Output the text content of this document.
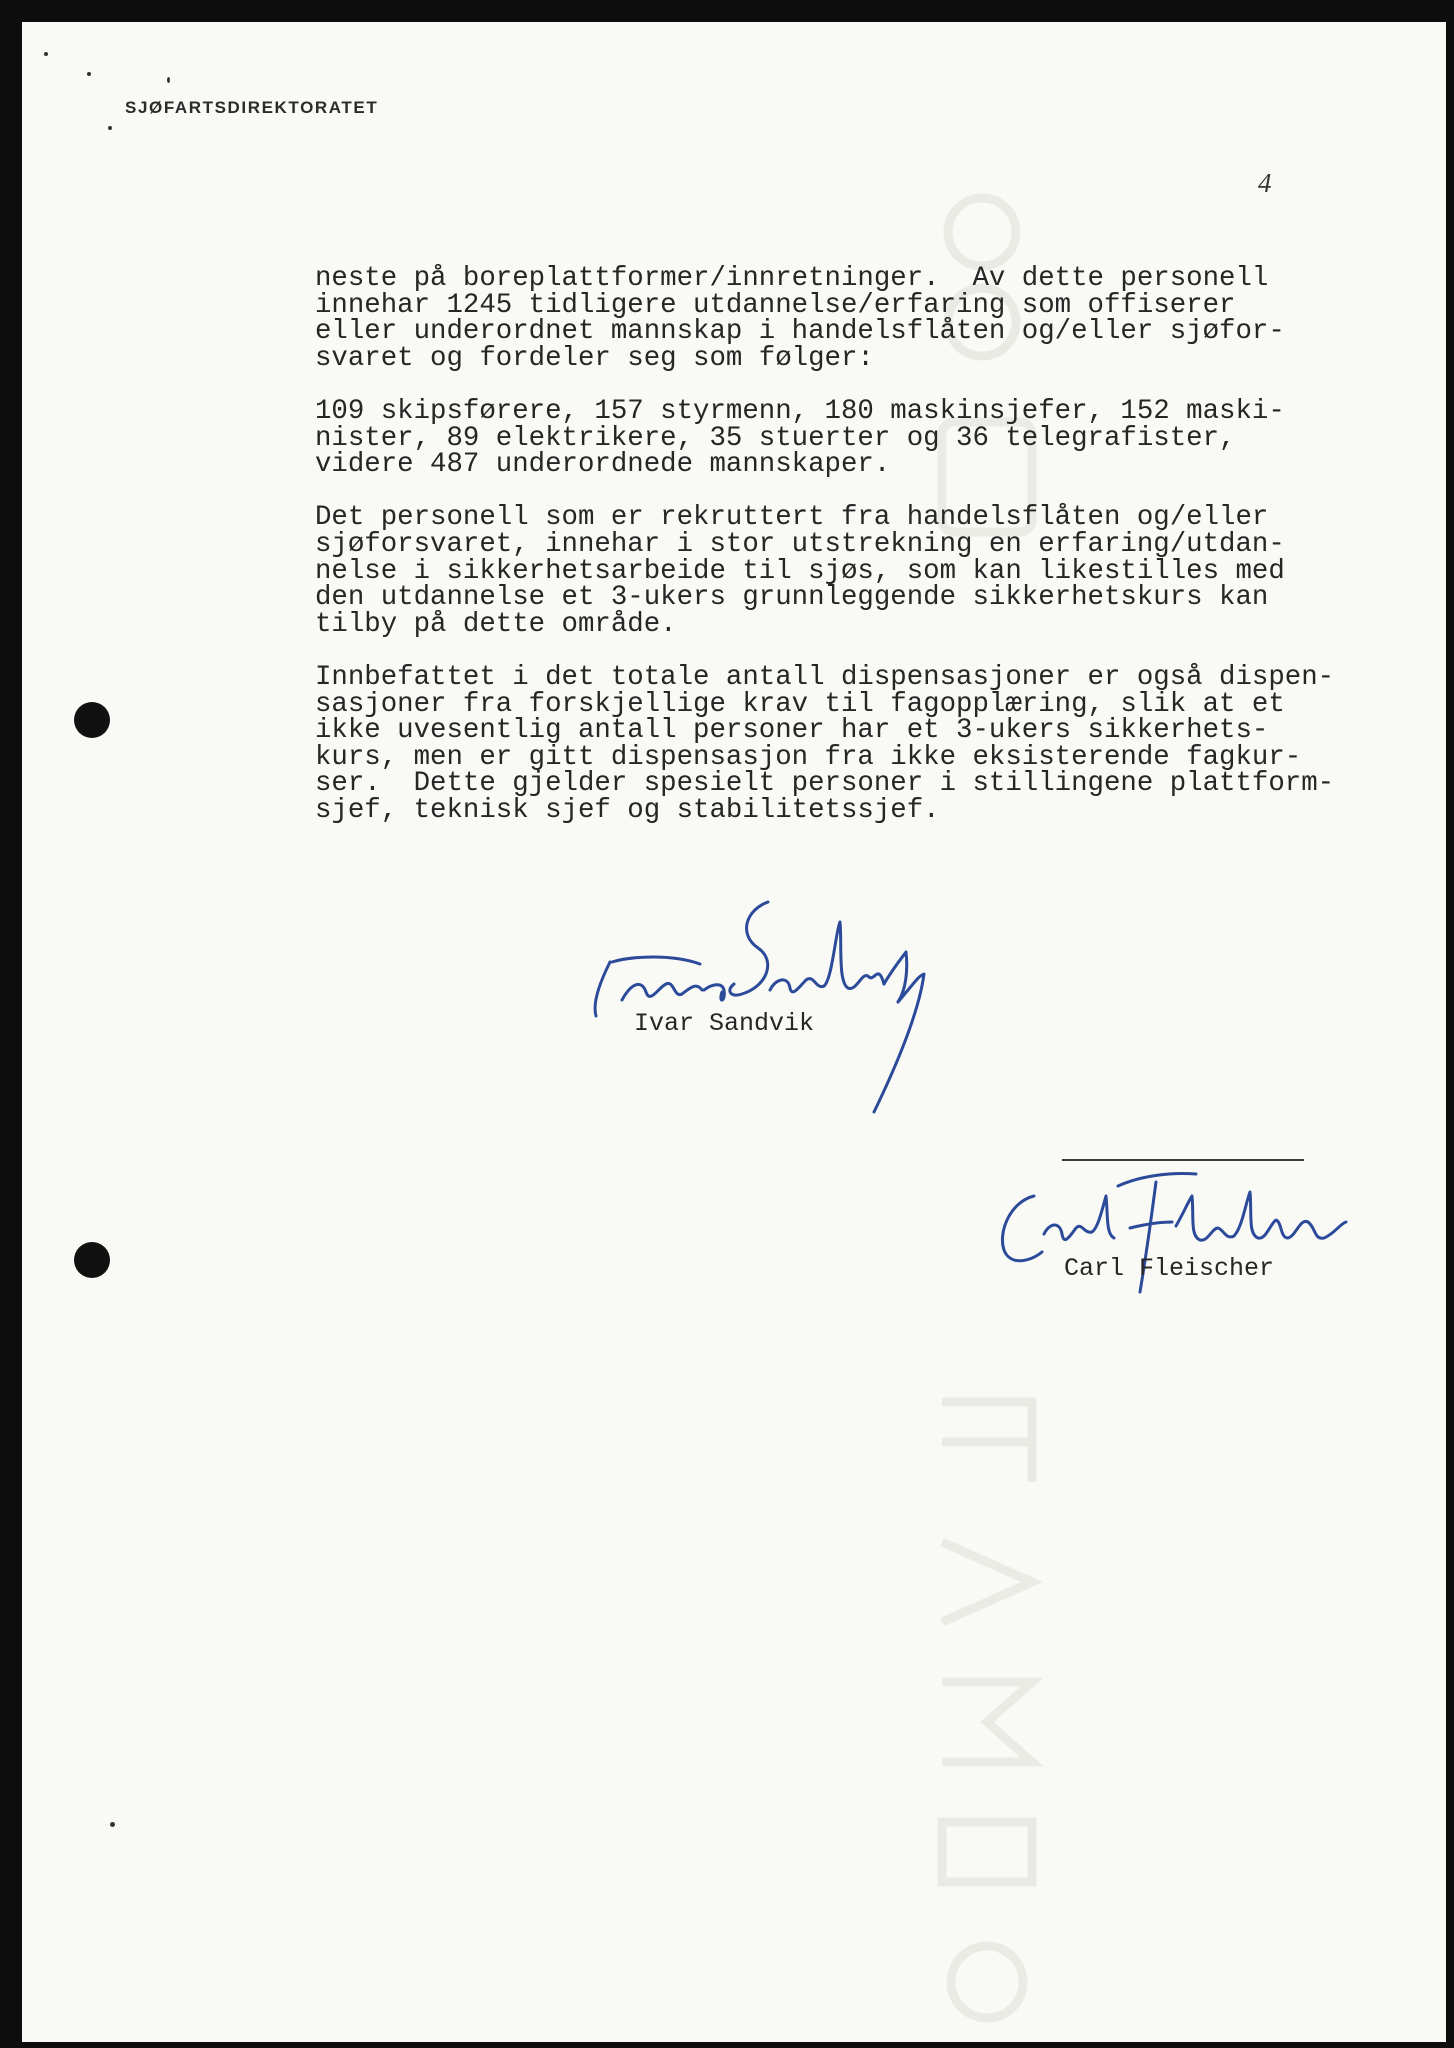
SJØFARTSDIREKTORATET
4

neste på boreplattformer/innretninger.  Av dette personell
innehar 1245 tidligere utdannelse/erfaring som offiserer
eller underordnet mannskap i handelsflåten og/eller sjøfor-
svaret og fordeler seg som følger:

109 skipsførere, 157 styrmenn, 180 maskinsjefer, 152 maski-
nister, 89 elektrikere, 35 stuerter og 36 telegrafister,
videre 487 underordnede mannskaper.

Det personell som er rekruttert fra handelsflåten og/eller
sjøforsvaret, innehar i stor utstrekning en erfaring/utdan-
nelse i sikkerhetsarbeide til sjøs, som kan likestilles med
den utdannelse et 3-ukers grunnleggende sikkerhetskurs kan
tilby på dette område.

Innbefattet i det totale antall dispensasjoner er også dispen-
sasjoner fra forskjellige krav til fagopplæring, slik at et
ikke uvesentlig antall personer har et 3-ukers sikkerhets-
kurs, men er gitt dispensasjon fra ikke eksisterende fagkur-
ser.  Dette gjelder spesielt personer i stillingene plattform-
sjef, teknisk sjef og stabilitetssjef.

Ivar Sandvik
Carl Fleischer
